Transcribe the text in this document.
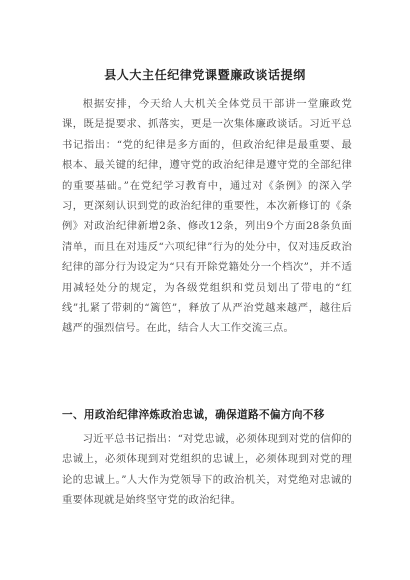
县人大主任纪律党课暨廉政谈话提纲

根据安排，今天给人大机关全体党员干部讲一堂廉政党课，既是提要求、抓落实，更是一次集体廉政谈话。习近平总书记指出：“党的纪律是多方面的，但政治纪律是最重要、最根本、最关键的纪律，遵守党的政治纪律是遵守党的全部纪律的重要基础。”在党纪学习教育中，通过对《条例》的深入学习，更深刻认识到党的政治纪律的重要性，本次新修订的《条例》对政治纪律新增2条、修改12条，列出9个方面28条负面清单，而且在对违反“六项纪律”行为的处分中，仅对违反政治纪律的部分行为设定为“只有开除党籍处分一个档次”，并不适用减轻处分的规定，为各级党组织和党员划出了带电的“红线”扎紧了带刺的“篱笆”，释放了从严治党越来越严，越往后越严的强烈信号。在此，结合人大工作交流三点。

一、用政治纪律淬炼政治忠诚，确保道路不偏方向不移

习近平总书记指出：“对党忠诚，必须体现到对党的信仰的忠诚上，必须体现到对党组织的忠诚上，必须体现到对党的理论的忠诚上。”人大作为党领导下的政治机关，对党绝对忠诚的重要体现就是始终坚守党的政治纪律。
